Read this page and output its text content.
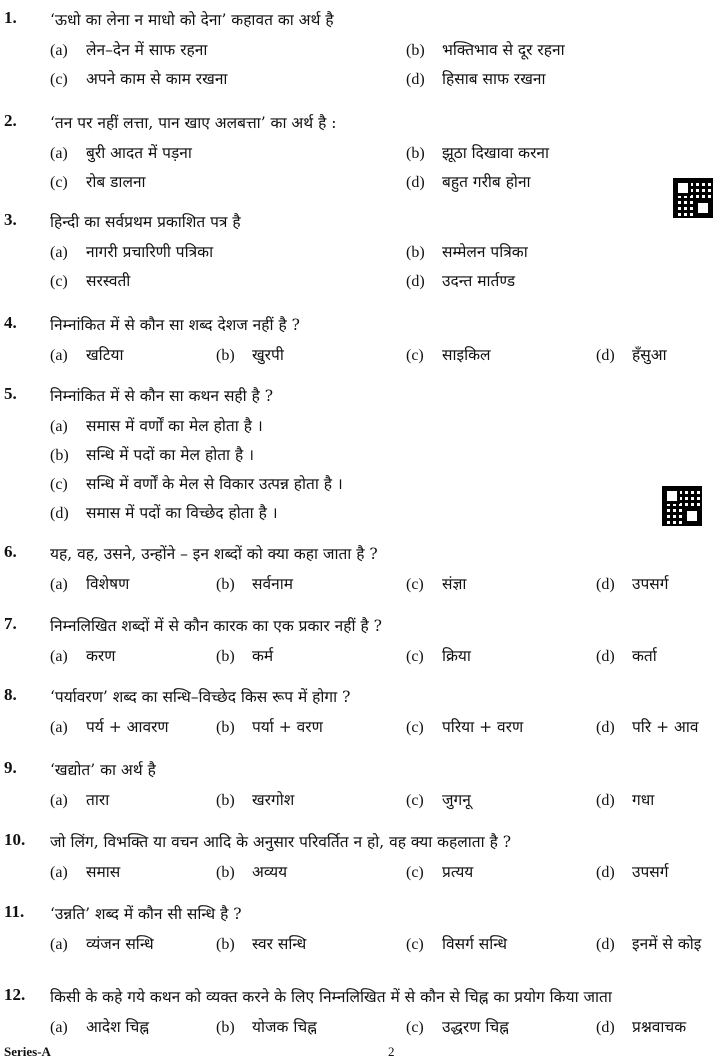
1. ‘ऊधो का लेना न माधो को देना’ कहावत का अर्थ है
(a) लेन–देन में साफ रहना	(b) भक्तिभाव से दूर रहना
(c) अपने काम से काम रखना	(d) हिसाब साफ रखना
2. ‘तन पर नहीं लत्ता, पान खाए अलबत्ता’ का अर्थ है :
(a) बुरी आदत में पड़ना	(b) झूठा दिखावा करना
(c) रोब डालना	(d) बहुत गरीब होना
3. हिन्दी का सर्वप्रथम प्रकाशित पत्र है
(a) नागरी प्रचारिणी पत्रिका	(b) सम्मेलन पत्रिका
(c) सरस्वती	(d) उदन्त मार्तण्ड
4. निम्नांकित में से कौन सा शब्द देशज नहीं है ?
(a) खटिया	(b) खुरपी	(c) साइकिल	(d) हँसुआ
5. निम्नांकित में से कौन सा कथन सही है ?
(a) समास में वर्णों का मेल होता है ।
(b) सन्धि में पदों का मेल होता है ।
(c) सन्धि में वर्णों के मेल से विकार उत्पन्न होता है ।
(d) समास में पदों का विच्छेद होता है ।
6. यह, वह, उसने, उन्होंने – इन शब्दों को क्या कहा जाता है ?
(a) विशेषण	(b) सर्वनाम	(c) संज्ञा	(d) उपसर्ग
7. निम्नलिखित शब्दों में से कौन कारक का एक प्रकार नहीं है ?
(a) करण	(b) कर्म	(c) क्रिया	(d) कर्ता
8. ‘पर्यावरण’ शब्द का सन्धि–विच्छेद किस रूप में होगा ?
(a) पर्य + आवरण	(b) पर्या + वरण	(c) परिया + वरण	(d) परि + आव
9. ‘खद्योत’ का अर्थ है
(a) तारा	(b) खरगोश	(c) जुगनू	(d) गधा
10. जो लिंग, विभक्ति या वचन आदि के अनुसार परिवर्तित न हो, वह क्या कहलाता है ?
(a) समास	(b) अव्यय	(c) प्रत्यय	(d) उपसर्ग
11. ‘उन्नति’ शब्द में कौन सी सन्धि है ?
(a) व्यंजन सन्धि	(b) स्वर सन्धि	(c) विसर्ग सन्धि	(d) इनमें से कोइ
12. किसी के कहे गये कथन को व्यक्त करने के लिए निम्नलिखित में से कौन से चिह्न का प्रयोग किया जाता
(a) आदेश चिह्न	(b) योजक चिह्न	(c) उद्धरण चिह्न	(d) प्रश्नवाचक
Series-A	2
